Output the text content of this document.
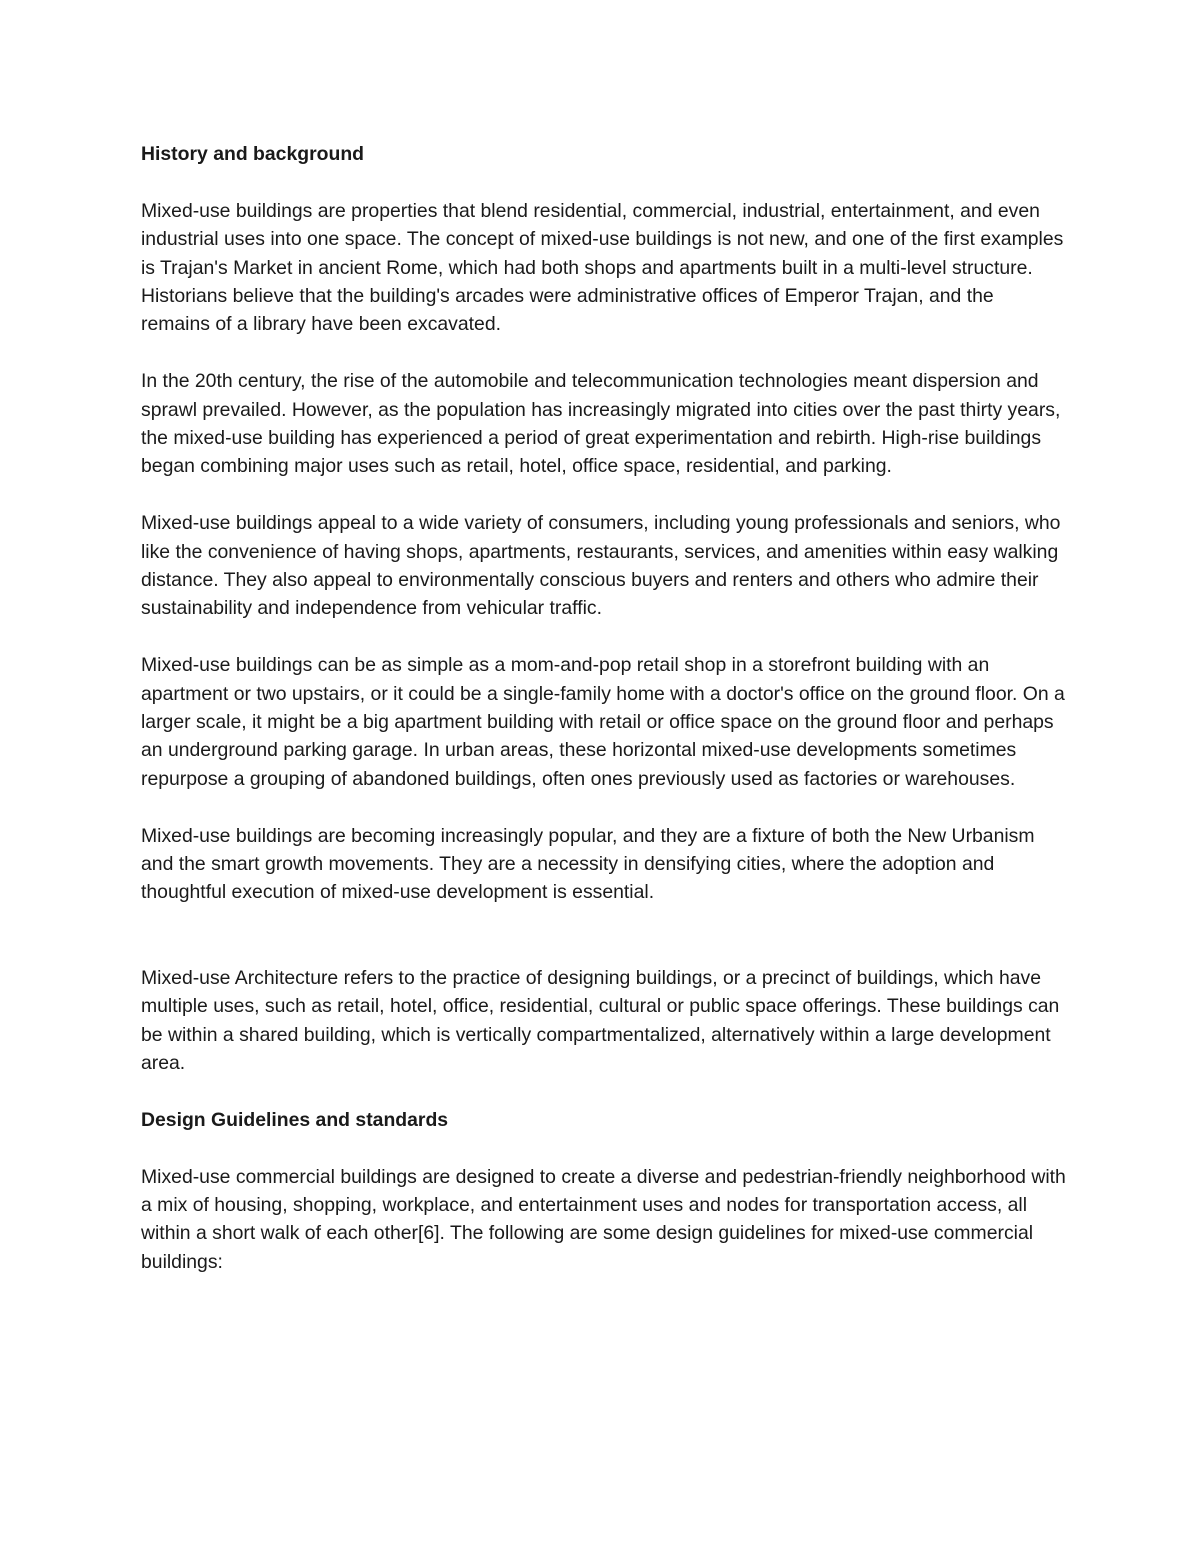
History and background

Mixed-use buildings are properties that blend residential, commercial, industrial, entertainment, and even industrial uses into one space. The concept of mixed-use buildings is not new, and one of the first examples is Trajan's Market in ancient Rome, which had both shops and apartments built in a multi-level structure. Historians believe that the building's arcades were administrative offices of Emperor Trajan, and the remains of a library have been excavated.

In the 20th century, the rise of the automobile and telecommunication technologies meant dispersion and sprawl prevailed. However, as the population has increasingly migrated into cities over the past thirty years, the mixed-use building has experienced a period of great experimentation and rebirth. High-rise buildings began combining major uses such as retail, hotel, office space, residential, and parking.

Mixed-use buildings appeal to a wide variety of consumers, including young professionals and seniors, who like the convenience of having shops, apartments, restaurants, services, and amenities within easy walking distance. They also appeal to environmentally conscious buyers and renters and others who admire their sustainability and independence from vehicular traffic.

Mixed-use buildings can be as simple as a mom-and-pop retail shop in a storefront building with an apartment or two upstairs, or it could be a single-family home with a doctor's office on the ground floor. On a larger scale, it might be a big apartment building with retail or office space on the ground floor and perhaps an underground parking garage. In urban areas, these horizontal mixed-use developments sometimes repurpose a grouping of abandoned buildings, often ones previously used as factories or warehouses.

Mixed-use buildings are becoming increasingly popular, and they are a fixture of both the New Urbanism and the smart growth movements. They are a necessity in densifying cities, where the adoption and thoughtful execution of mixed-use development is essential.

Mixed-use Architecture refers to the practice of designing buildings, or a precinct of buildings, which have multiple uses, such as retail, hotel, office, residential, cultural or public space offerings. These buildings can be within a shared building, which is vertically compartmentalized, alternatively within a large development area.

Design Guidelines and standards

Mixed-use commercial buildings are designed to create a diverse and pedestrian-friendly neighborhood with a mix of housing, shopping, workplace, and entertainment uses and nodes for transportation access, all within a short walk of each other[6]. The following are some design guidelines for mixed-use commercial buildings:
